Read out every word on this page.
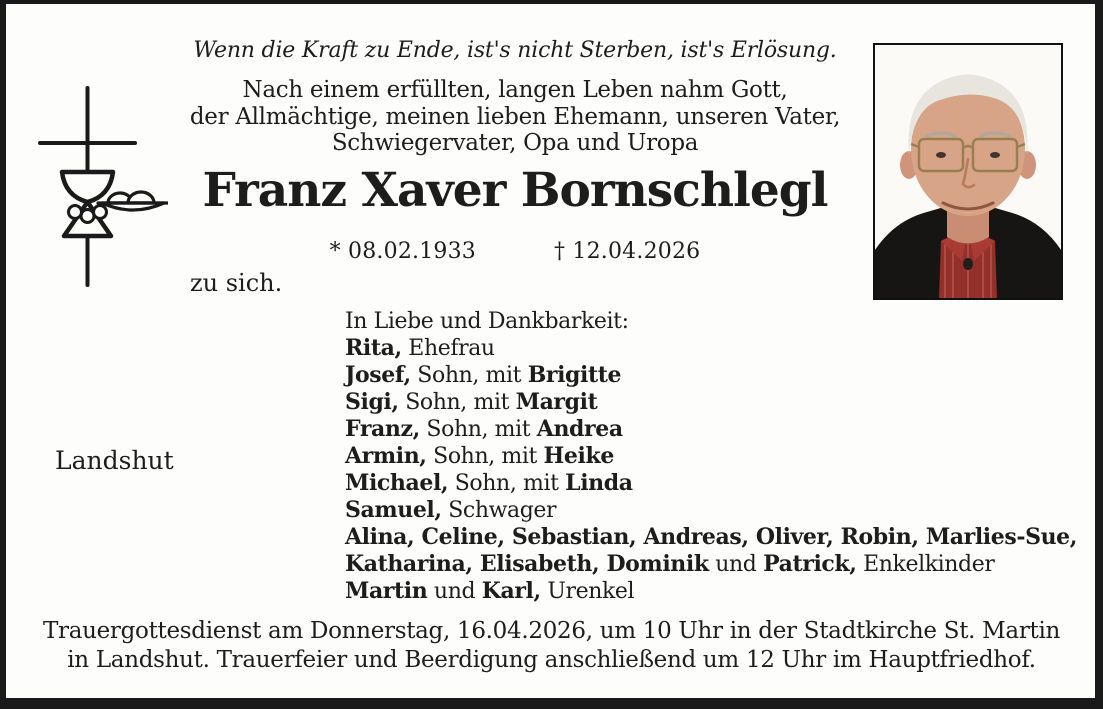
Wenn die Kraft zu Ende, ist's nicht Sterben, ist's Erlösung.
Nach einem erfüllten, langen Leben nahm Gott,
der Allmächtige, meinen lieben Ehemann, unseren Vater,
Schwiegervater, Opa und Uropa
Franz Xaver Bornschlegl
* 08.02.1933	† 12.04.2026
zu sich.
In Liebe und Dankbarkeit:
Rita, Ehefrau
Josef, Sohn, mit Brigitte
Sigi, Sohn, mit Margit
Franz, Sohn, mit Andrea
Armin, Sohn, mit Heike
Michael, Sohn, mit Linda
Samuel, Schwager
Alina, Celine, Sebastian, Andreas, Oliver, Robin, Marlies-Sue,
Katharina, Elisabeth, Dominik und Patrick, Enkelkinder
Martin und Karl, Urenkel
Landshut
Trauergottesdienst am Donnerstag, 16.04.2026, um 10 Uhr in der Stadtkirche St. Martin
in Landshut. Trauerfeier und Beerdigung anschließend um 12 Uhr im Hauptfriedhof.
